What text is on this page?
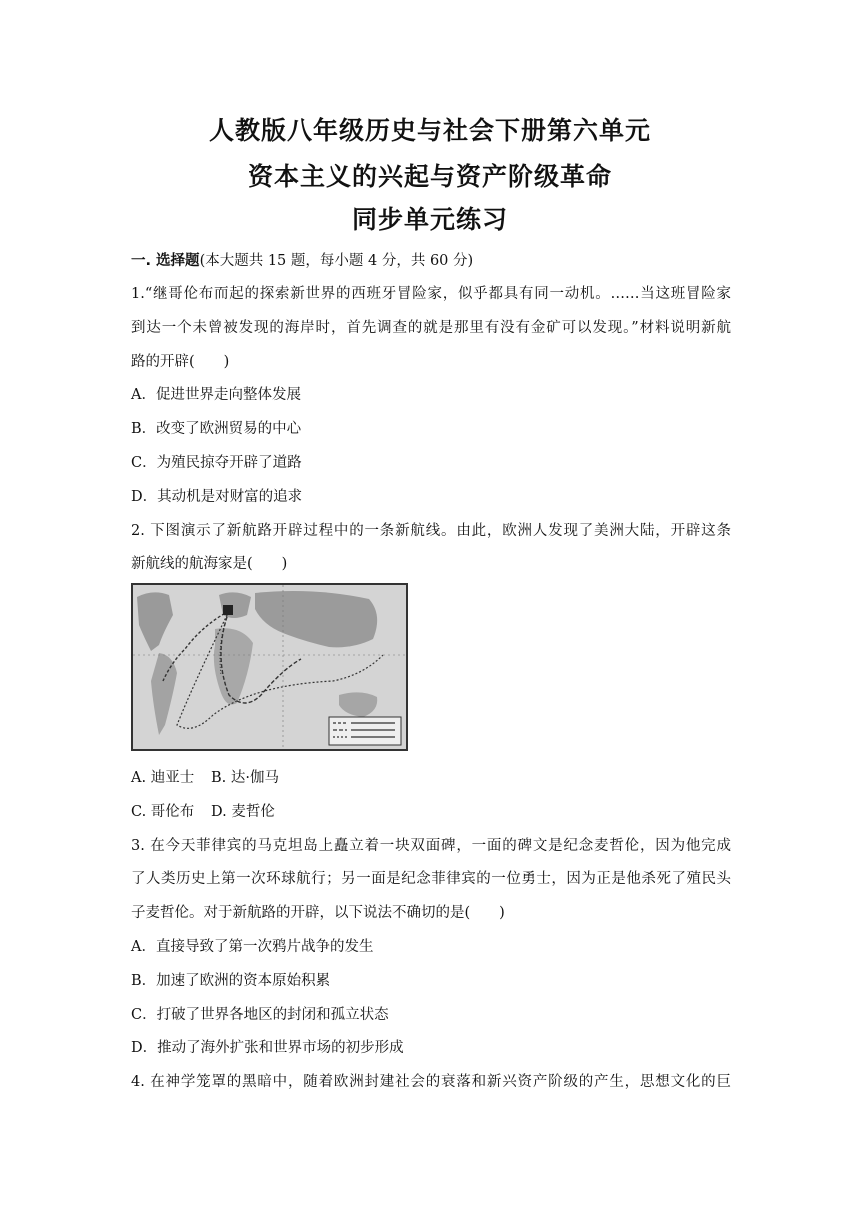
人教版八年级历史与社会下册第六单元
资本主义的兴起与资产阶级革命
同步单元练习
一. 选择题(本大题共 15 题，每小题 4 分，共 60 分)
1.“继哥伦布而起的探索新世界的西班牙冒险家，似乎都具有同一动机。……当这班冒险家
到达一个未曾被发现的海岸时，首先调查的就是那里有没有金矿可以发现。”材料说明新航
路的开辟(　　)
A．促进世界走向整体发展
B．改变了欧洲贸易的中心
C．为殖民掠夺开辟了道路
D．其动机是对财富的追求
2. 下图演示了新航路开辟过程中的一条新航线。由此，欧洲人发现了美洲大陆，开辟这条
新航线的航海家是(　　)
A. 迪亚士 B. 达·伽马
C. 哥伦布 D. 麦哲伦
3. 在今天菲律宾的马克坦岛上矗立着一块双面碑，一面的碑文是纪念麦哲伦，因为他完成
了人类历史上第一次环球航行；另一面是纪念菲律宾的一位勇士，因为正是他杀死了殖民头
子麦哲伦。对于新航路的开辟，以下说法不确切的是(　　)
A．直接导致了第一次鸦片战争的发生
B．加速了欧洲的资本原始积累
C．打破了世界各地区的封闭和孤立状态
D．推动了海外扩张和世界市场的初步形成
4. 在神学笼罩的黑暗中，随着欧洲封建社会的衰落和新兴资产阶级的产生，思想文化的巨
